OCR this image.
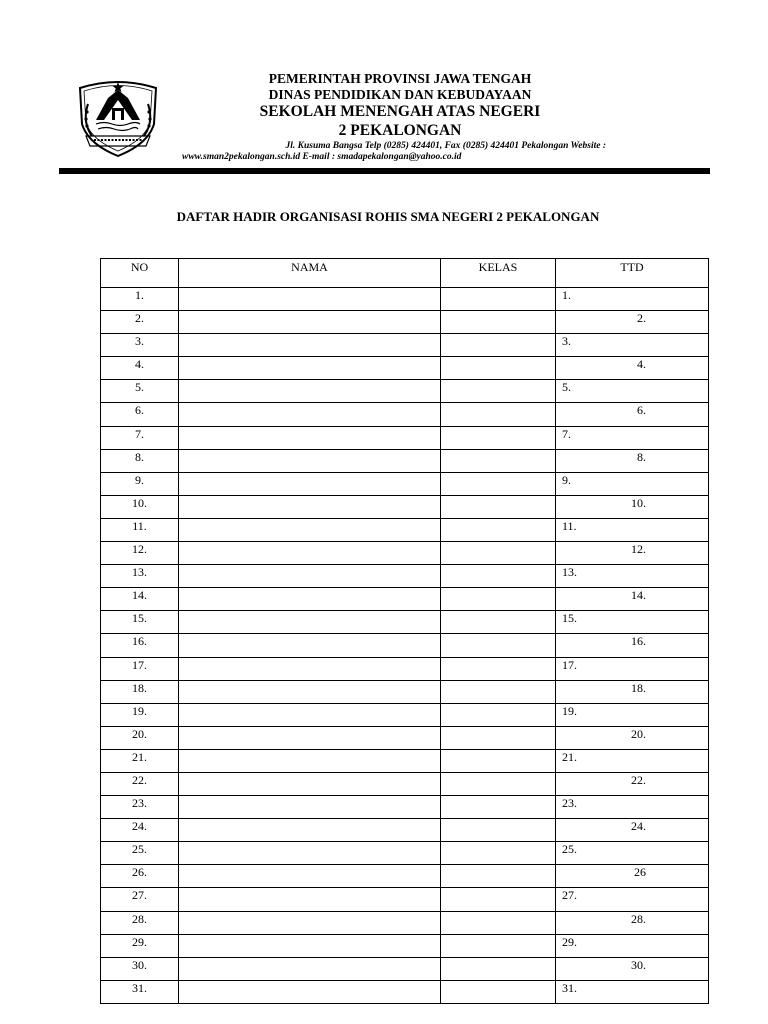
PEMERINTAH PROVINSI JAWA TENGAH
DINAS PENDIDIKAN DAN KEBUDAYAAN
SEKOLAH MENENGAH ATAS NEGERI
2 PEKALONGAN
Jl. Kusuma Bangsa Telp (0285) 424401, Fax (0285) 424401 Pekalongan Website :
www.sman2pekalongan.sch.id E-mail : smadapekalongan@yahoo.co.id
DAFTAR HADIR ORGANISASI ROHIS SMA NEGERI 2 PEKALONGAN
NO	NAMA	KELAS	TTD
1.			1.
2.			2.
3.			3.
4.			4.
5.			5.
6.			6.
7.			7.
8.			8.
9.			9.
10.			10.
11.			11.
12.			12.
13.			13.
14.			14.
15.			15.
16.			16.
17.			17.
18.			18.
19.			19.
20.			20.
21.			21.
22.			22.
23.			23.
24.			24.
25.			25.
26.			26
27.			27.
28.			28.
29.			29.
30.			30.
31.			31.
